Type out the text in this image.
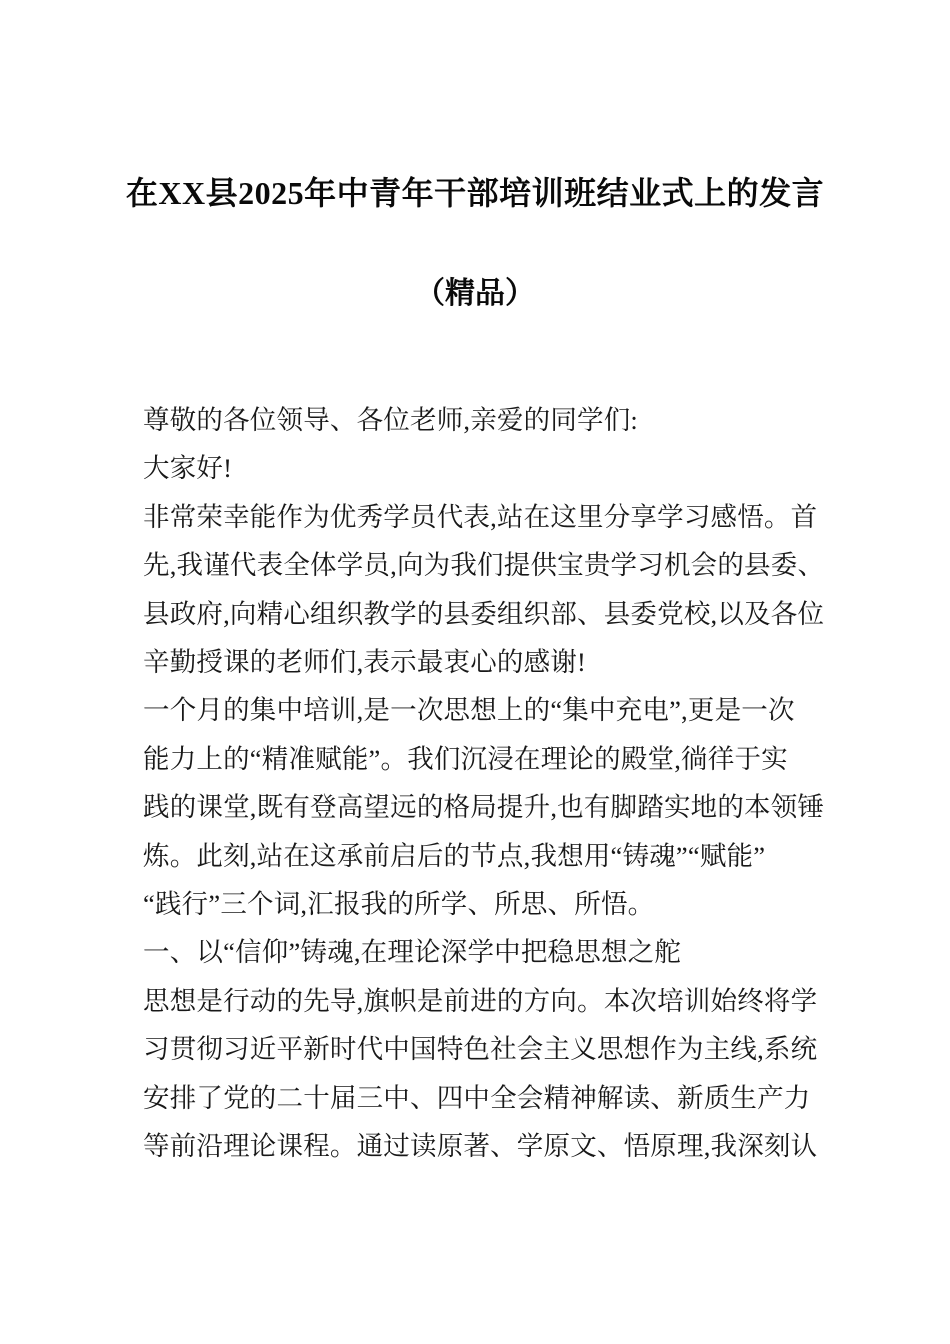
在XX县2025年中青年干部培训班结业式上的发言
（精品）
尊敬的各位领导、各位老师,亲爱的同学们:
大家好!
非常荣幸能作为优秀学员代表,站在这里分享学习感悟。首
先,我谨代表全体学员,向为我们提供宝贵学习机会的县委、
县政府,向精心组织教学的县委组织部、县委党校,以及各位
辛勤授课的老师们,表示最衷心的感谢!
一个月的集中培训,是一次思想上的“集中充电”,更是一次
能力上的“精准赋能”。我们沉浸在理论的殿堂,徜徉于实
践的课堂,既有登高望远的格局提升,也有脚踏实地的本领锤
炼。此刻,站在这承前启后的节点,我想用“铸魂”“赋能”
“践行”三个词,汇报我的所学、所思、所悟。
一、以“信仰”铸魂,在理论深学中把稳思想之舵
思想是行动的先导,旗帜是前进的方向。本次培训始终将学
习贯彻习近平新时代中国特色社会主义思想作为主线,系统
安排了党的二十届三中、四中全会精神解读、新质生产力
等前沿理论课程。通过读原著、学原文、悟原理,我深刻认
